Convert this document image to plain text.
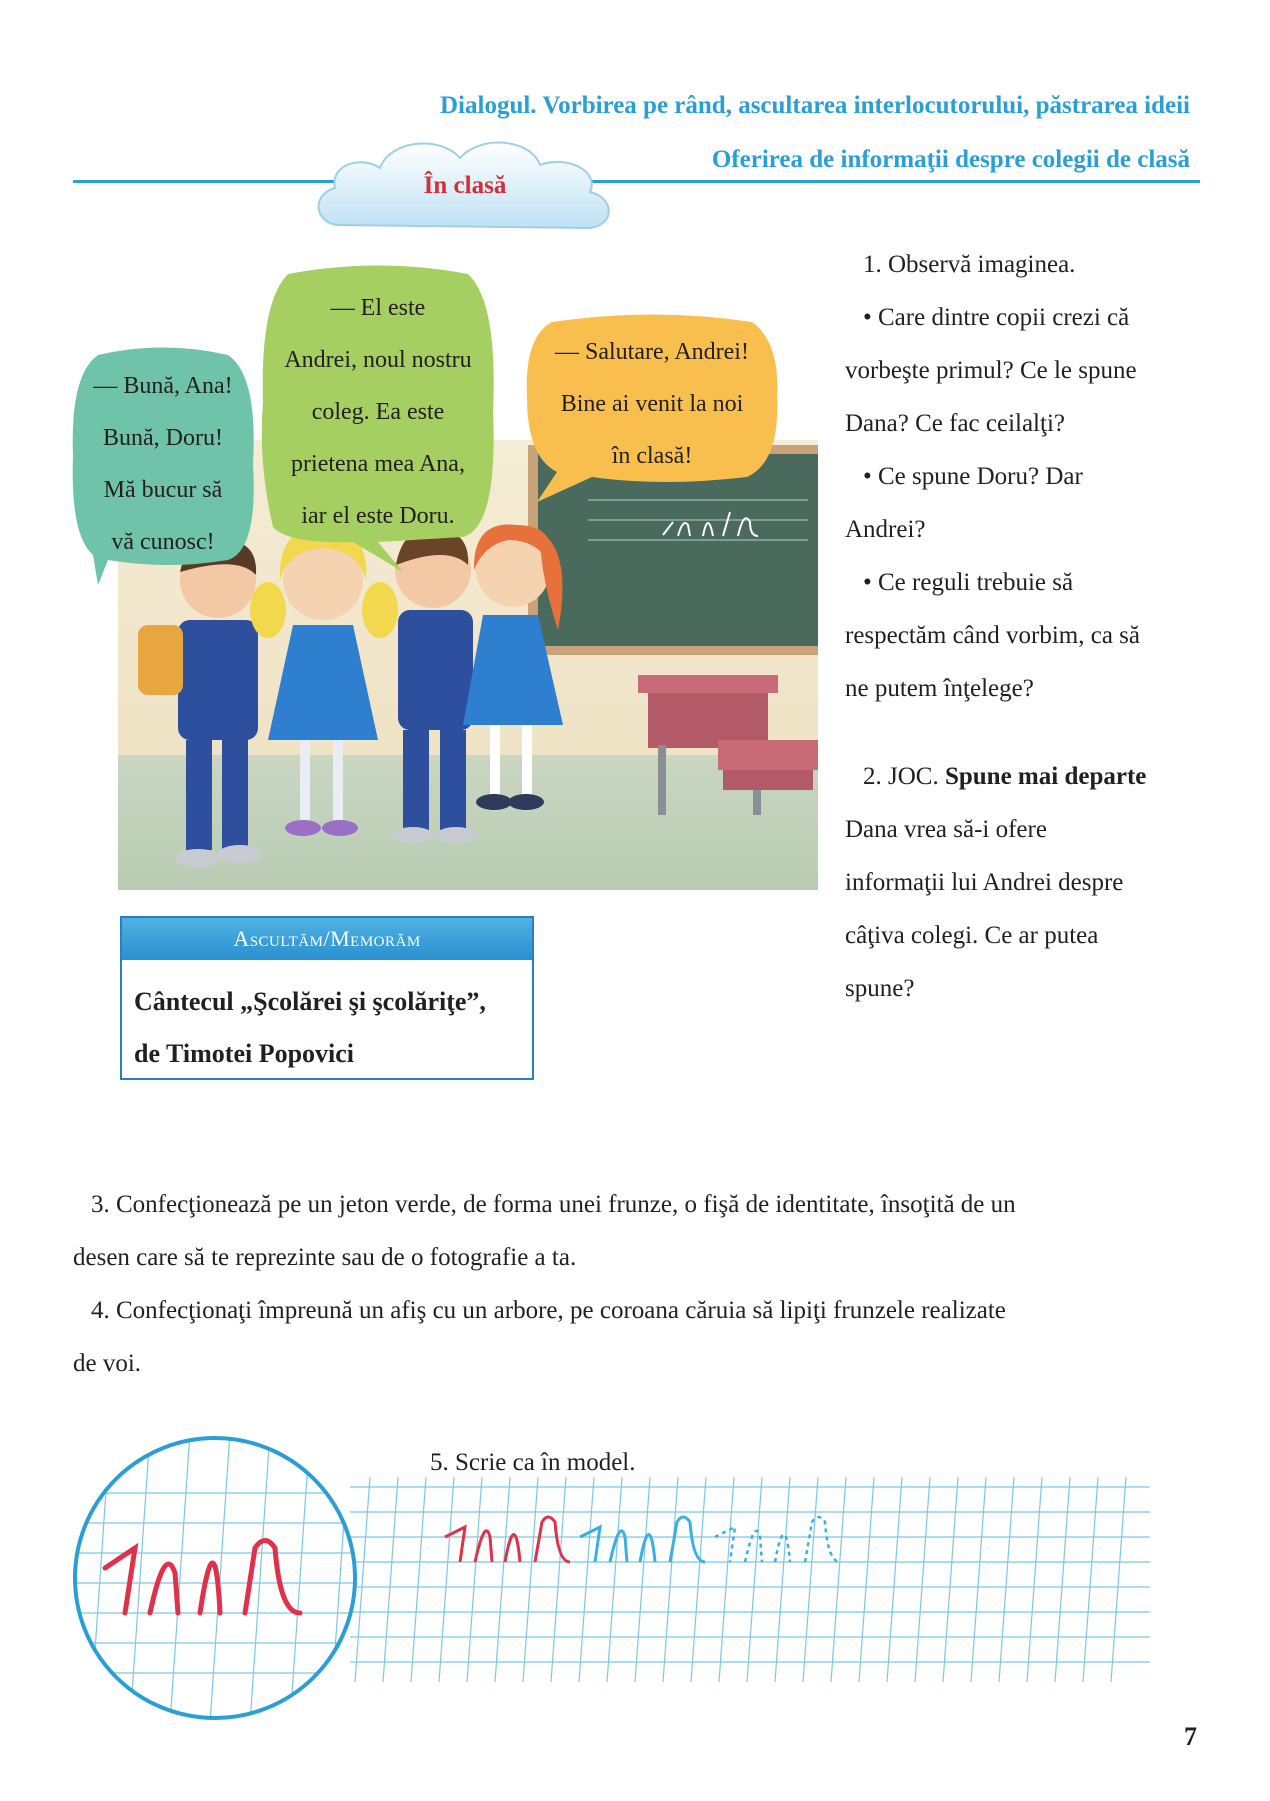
Dialogul. Vorbirea pe rând, ascultarea interlocutorului, păstrarea ideii
Oferirea de informaţii despre colegii de clasă
În clasă
— Bună, Ana!
Bună, Doru!
Mă bucur să
vă cunosc!
— El este
Andrei, noul nostru
coleg. Ea este
prietena mea Ana,
iar el este Doru.
— Salutare, Andrei!
Bine ai venit la noi
în clasă!
1. Observă imaginea.
• Care dintre copii crezi că
vorbeşte primul? Ce le spune
Dana? Ce fac ceilalţi?
• Ce spune Doru? Dar
Andrei?
• Ce reguli trebuie să
respectăm când vorbim, ca să
ne putem înţelege?
2. JOC. Spune mai departe
Dana vrea să-i ofere
informaţii lui Andrei despre
câţiva colegi. Ce ar putea
spune?
Ascultăm/Memorăm
Cântecul „Şcolărei şi şcolăriţe”,
de Timotei Popovici
3. Confecţionează pe un jeton verde, de forma unei frunze, o fişă de identitate, însoţită de un
desen care să te reprezinte sau de o fotografie a ta.
4. Confecţionaţi împreună un afiş cu un arbore, pe coroana căruia să lipiţi frunzele realizate
de voi.
5. Scrie ca în model.
7
